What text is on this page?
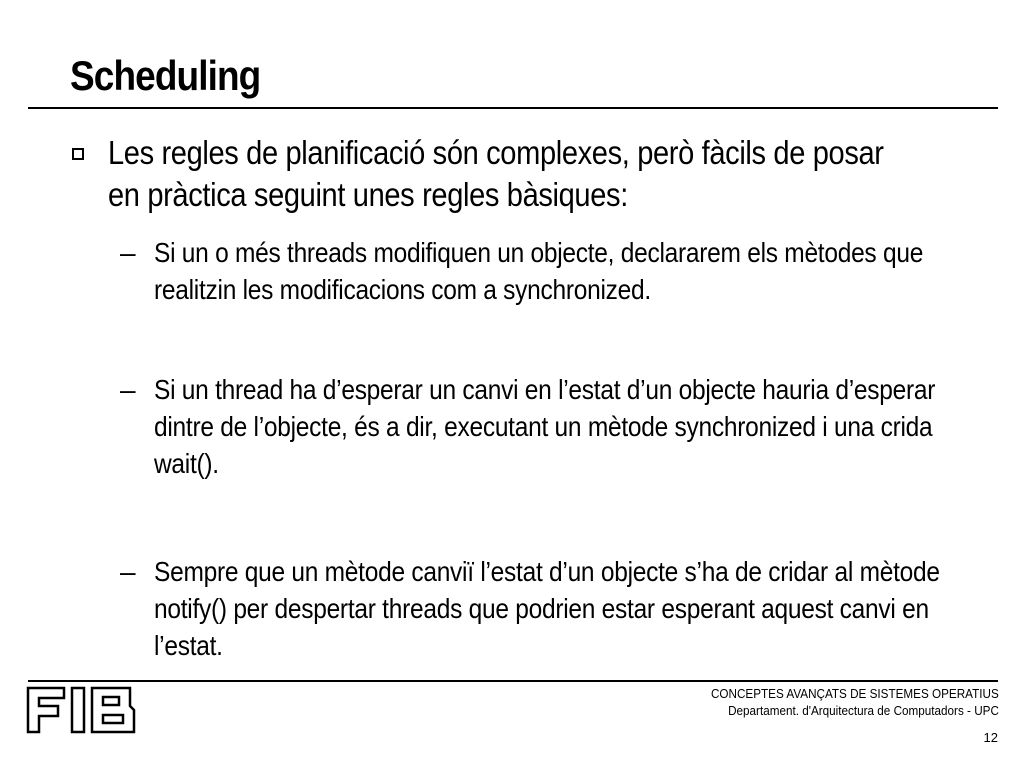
Scheduling

Les regles de planificació són complexes, però fàcils de posar en pràctica seguint unes regles bàsiques:

– Si un o més threads modifiquen un objecte, declararem els mètodes que realitzin les modificacions com a synchronized.

– Si un thread ha d’esperar un canvi en l’estat d’un objecte hauria d’esperar dintre de l’objecte, és a dir, executant un mètode synchronized i una crida wait().

– Sempre que un mètode canviï l’estat d’un objecte s’ha de cridar al mètode notify() per despertar threads que podrien estar esperant aquest canvi en l’estat.

CONCEPTES AVANÇATS DE SISTEMES OPERATIUS
Departament. d'Arquitectura de Computadors - UPC
12
